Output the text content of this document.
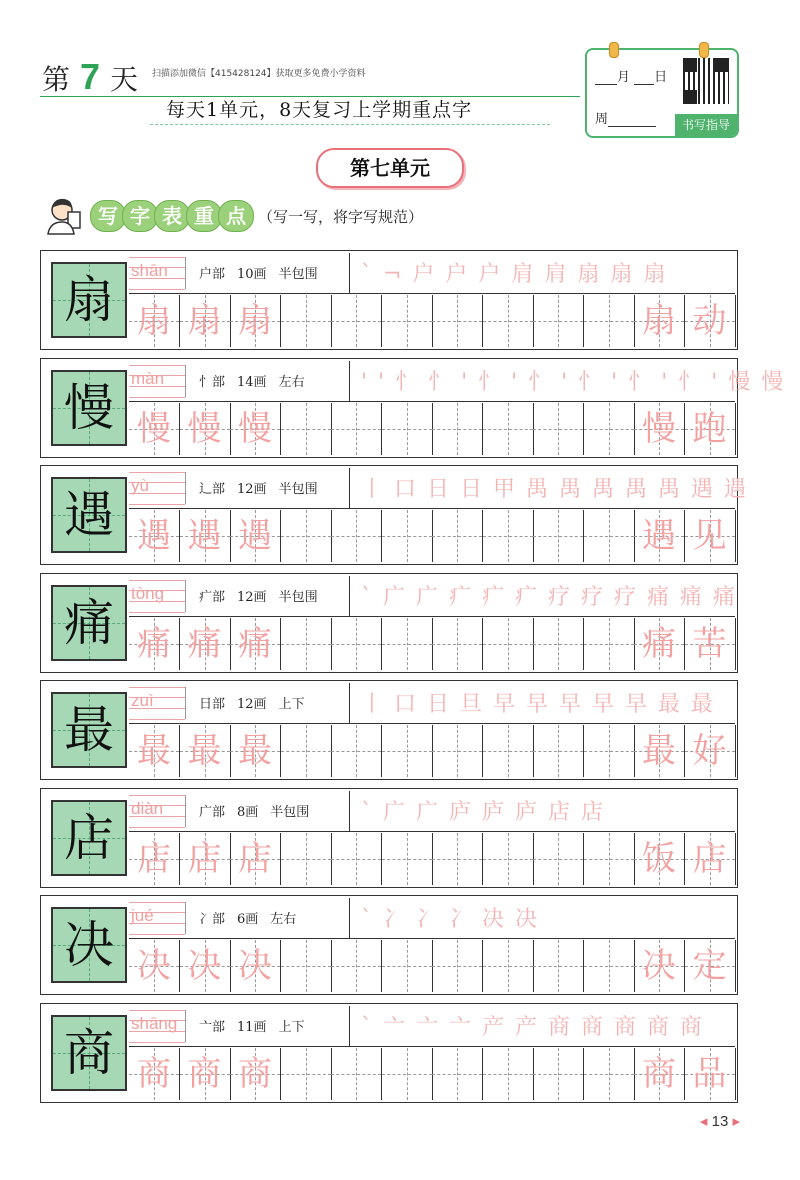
第 7 天 扫描添加微信【415428124】获取更多免费小学资料
每天1单元，8天复习上学期重点字
月 日
周	书写指导
第七单元
写 字 表 重 点 （写一写，将字写规范）
扇
shān 户部 10画 半包围 ` ¬ 户 户 户 肩 肩 扇 扇 扇
扇 扇 扇	扇 动
慢
màn	忄部 14画 左右	' ' 忄 忄 ' 忄 ' 忄 ' 忄 ' 忄 ' 忄 ' 慢 慢
慢 慢 慢	慢 跑
遇
yù	辶部 12画 半包围 丨 口 日 日 甲 禺 禺 禺 禺 禺 遇 遇
遇 遇 遇	遇 见
痛
tòng	疒部 12画 半包围 ` 广 广 疒 疒 疒 疗 疗 疗 痛 痛 痛
痛 痛 痛	痛 苦
最
zuì	日部 12画 上下	丨 口 日 旦 早 早 早 早 早 最 最
最 最 最	最 好
店
diàn	广部 8画 半包围 ` 广 广 庐 庐 庐 店 店
店 店 店	饭 店
决
jué	冫部 6画 左右	` 冫 冫 冫 决 决
决 决 决	决 定
商
shāng 亠部 11画 上下	` 亠 亠 亠 产 产 商 商 商 商 商
商 商 商	商 品
◂ 13 ▸
